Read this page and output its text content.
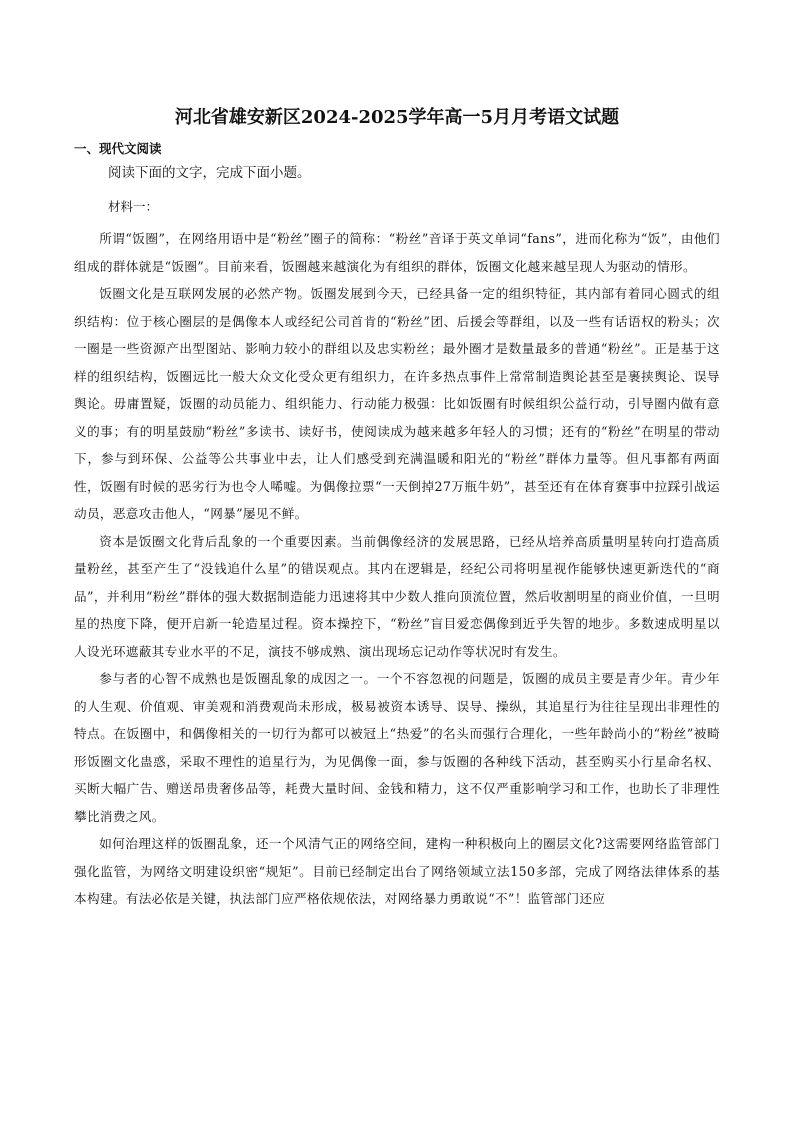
河北省雄安新区2024-2025学年高一5月月考语文试题
一、现代文阅读
阅读下面的文字，完成下面小题。
材料一：

所谓“饭圈”，在网络用语中是“粉丝”圈子的简称：“粉丝”音译于英文单词“fans”，进而化称为“饭”，由他们组成的群体就是“饭圈”。目前来看，饭圈越来越演化为有组织的群体，饭圈文化越来越呈现人为驱动的情形。

饭圈文化是互联网发展的必然产物。饭圈发展到今天，已经具备一定的组织特征，其内部有着同心圆式的组织结构：位于核心圈层的是偶像本人或经纪公司首肯的“粉丝”团、后援会等群组，以及一些有话语权的粉头；次一圈是一些资源产出型图站、影响力较小的群组以及忠实粉丝；最外圈才是数量最多的普通“粉丝”。正是基于这样的组织结构，饭圈远比一般大众文化受众更有组织力，在许多热点事件上常常制造舆论甚至是裹挟舆论、误导舆论。毋庸置疑，饭圈的动员能力、组织能力、行动能力极强：比如饭圈有时候组织公益行动，引导圈内做有意义的事；有的明星鼓励“粉丝”多读书、读好书，使阅读成为越来越多年轻人的习惯；还有的“粉丝”在明星的带动下，参与到环保、公益等公共事业中去，让人们感受到充满温暖和阳光的“粉丝”群体力量等。但凡事都有两面性，饭圈有时候的恶劣行为也令人唏嘘。为偶像拉票“一天倒掉27万瓶牛奶”，甚至还有在体育赛事中拉踩引战运动员，恶意攻击他人，“网暴”屡见不鲜。

资本是饭圈文化背后乱象的一个重要因素。当前偶像经济的发展思路，已经从培养高质量明星转向打造高质量粉丝，甚至产生了“没钱追什么星”的错误观点。其内在逻辑是，经纪公司将明星视作能够快速更新迭代的“商品”，并利用“粉丝”群体的强大数据制造能力迅速将其中少数人推向顶流位置，然后收割明星的商业价值，一旦明星的热度下降，便开启新一轮造星过程。资本操控下，“粉丝”盲目爱恋偶像到近乎失智的地步。多数速成明星以人设光环遮蔽其专业水平的不足，演技不够成熟、演出现场忘记动作等状况时有发生。

参与者的心智不成熟也是饭圈乱象的成因之一。一个不容忽视的问题是，饭圈的成员主要是青少年。青少年的人生观、价值观、审美观和消费观尚未形成，极易被资本诱导、误导、操纵，其追星行为往往呈现出非理性的特点。在饭圈中，和偶像相关的一切行为都可以被冠上“热爱”的名头而强行合理化，一些年龄尚小的“粉丝”被畸形饭圈文化蛊惑，采取不理性的追星行为，为见偶像一面，参与饭圈的各种线下活动，甚至购买小行星命名权、买断大幅广告、赠送昂贵奢侈品等，耗费大量时间、金钱和精力，这不仅严重影响学习和工作，也助长了非理性攀比消费之风。

如何治理这样的饭圈乱象，还一个风清气正的网络空间，建构一种积极向上的圈层文化?这需要网络监管部门强化监管，为网络文明建设织密“规矩”。目前已经制定出台了网络领域立法150多部，完成了网络法律体系的基本构建。有法必依是关键，执法部门应严格依规依法，对网络暴力勇敢说“不”！监管部门还应
